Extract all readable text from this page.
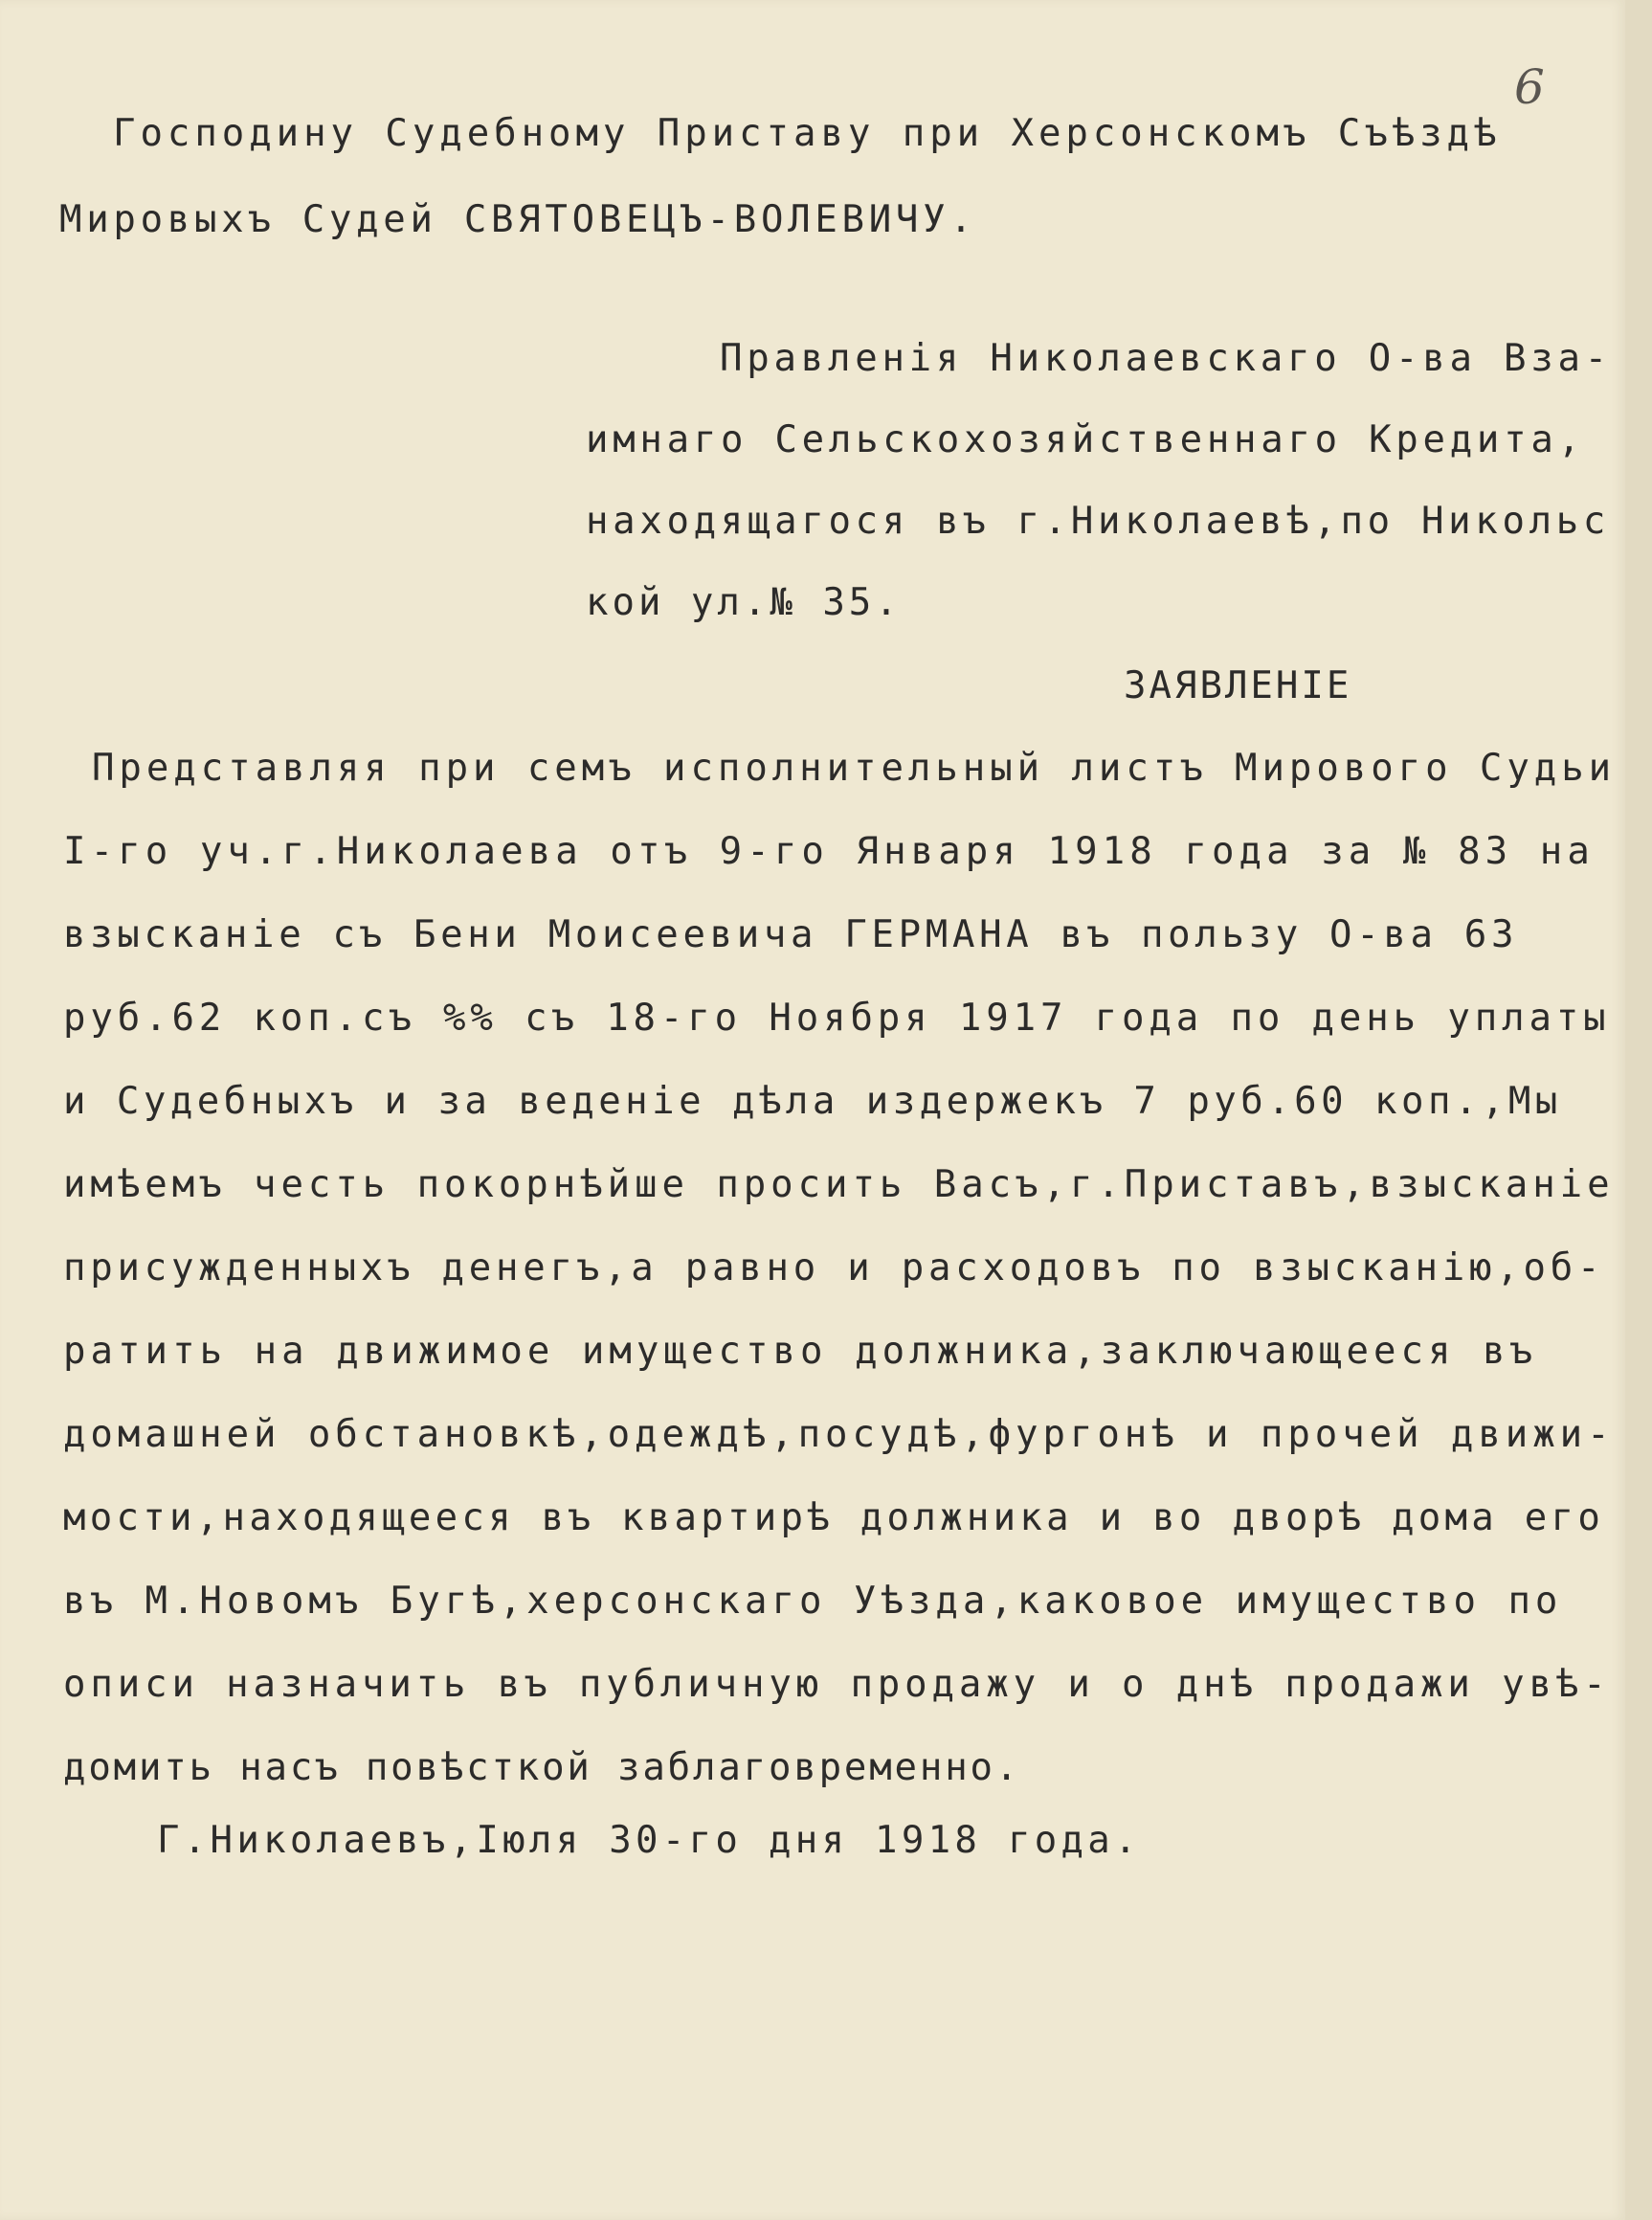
6
Господину Судебному Приставу при Херсонскомъ Съѣздѣ
Мировыхъ Судей СВЯТОВЕЦЪ-ВОЛЕВИЧУ.
Правленія Николаевскаго О-ва Вза-
имнаго Сельскохозяйственнаго Кредита,
находящагося въ г.Николаевѣ,по Никольс
кой ул.№ 35.
ЗАЯВЛЕНІЕ
Представляя при семъ исполнительный листъ Мирового Судьи
I-го уч.г.Николаева отъ 9-го Января 1918 года за № 83 на
взысканіе съ Бени Моисеевича ГЕРМАНА въ пользу О-ва 63
руб.62 коп.съ %% съ 18-го Ноября 1917 года по день уплаты
и Судебныхъ и за веденіе дѣла издержекъ 7 руб.60 коп.,Мы
имѣемъ честь покорнѣйше просить Васъ,г.Приставъ,взысканіе
присужденныхъ денегъ,а равно и расходовъ по взысканію,об-
ратить на движимое имущество должника,заключающееся въ
домашней обстановкѣ,одеждѣ,посудѣ,фургонѣ и прочей движи-
мости,находящееся въ квартирѣ должника и во дворѣ дома его
въ М.Новомъ Бугѣ,херсонскаго Уѣзда,каковое имущество по
описи назначить въ публичную продажу и о днѣ продажи увѣ-
домить насъ повѣсткой заблаговременно.
Г.Николаевъ,Іюля 30-го дня 1918 года.
